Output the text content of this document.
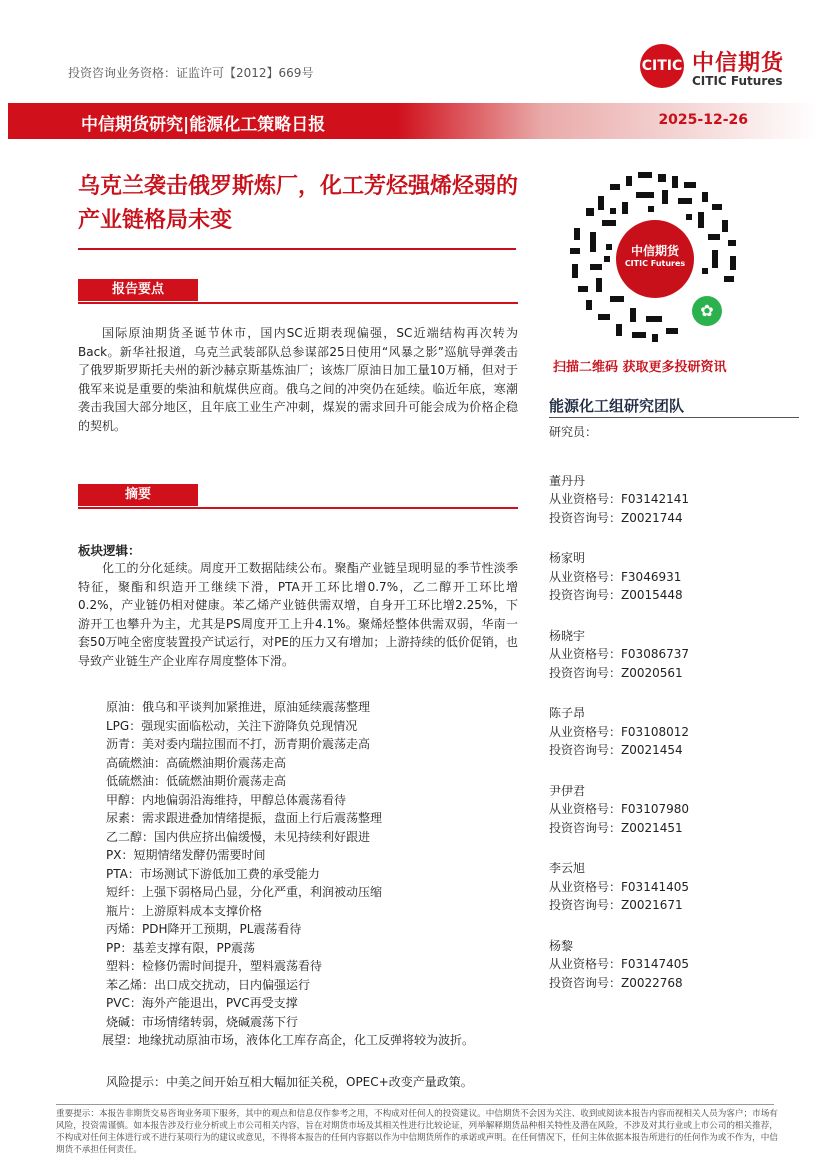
投资咨询业务资格：证监许可【2012】669号	CITIC 中信期货
CITIC Futures
中信期货研究|能源化工策略日报	2025-12-26
乌克兰袭击俄罗斯炼厂，化工芳烃强烯烃弱的产业链格局未变
报告要点
国际原油期货圣诞节休市，国内SC近期表现偏强，SC近端结构再次转为Back。新华社报道，乌克兰武装部队总参谋部25日使用“风暴之影”巡航导弹袭击了俄罗斯罗斯托夫州的新沙赫京斯基炼油厂；该炼厂原油日加工量10万桶，但对于俄军来说是重要的柴油和航煤供应商。俄乌之间的冲突仍在延续。临近年底，寒潮袭击我国大部分地区，且年底工业生产冲刺，煤炭的需求回升可能会成为价格企稳的契机。
摘要
板块逻辑：
化工的分化延续。周度开工数据陆续公布。聚酯产业链呈现明显的季节性淡季特征，聚酯和织造开工继续下滑，PTA开工环比增0.7%，乙二醇开工环比增0.2%，产业链仍相对健康。苯乙烯产业链供需双增，自身开工环比增2.25%，下游开工也攀升为主，尤其是PS周度开工上升4.1%。聚烯烃整体供需双弱，华南一套50万吨全密度装置投产试运行，对PE的压力又有增加；上游持续的低价促销，也导致产业链生产企业库存周度整体下滑。
原油：俄乌和平谈判加紧推进，原油延续震荡整理
LPG：强现实面临松动，关注下游降负兑现情况
沥青：美对委内瑞拉围而不打，沥青期价震荡走高
高硫燃油：高硫燃油期价震荡走高
低硫燃油：低硫燃油期价震荡走高
甲醇：内地偏弱沿海维持，甲醇总体震荡看待
尿素：需求跟进叠加情绪提振，盘面上行后震荡整理
乙二醇：国内供应挤出偏缓慢，未见持续利好跟进
PX：短期情绪发酵仍需要时间
PTA：市场测试下游低加工费的承受能力
短纤：上强下弱格局凸显，分化严重，利润被动压缩
瓶片：上游原料成本支撑价格
丙烯：PDH降开工预期，PL震荡看待
PP：基差支撑有限，PP震荡
塑料：检修仍需时间提升，塑料震荡看待
苯乙烯：出口成交扰动，日内偏强运行
PVC：海外产能退出，PVC再受支撑
烧碱：市场情绪转弱，烧碱震荡下行
展望：地缘扰动原油市场，液体化工库存高企，化工反弹将较为波折。
风险提示：中美之间开始互相大幅加征关税，OPEC+改变产量政策。
中信期货
CITIC Futures
✿
扫描二维码 获取更多投研资讯
能源化工组研究团队
研究员：
董丹丹
从业资格号：F03142141
投资咨询号：Z0021744
杨家明
从业资格号：F3046931
投资咨询号：Z0015448
杨晓宇
从业资格号：F03086737
投资咨询号：Z0020561
陈子昂
从业资格号：F03108012
投资咨询号：Z0021454
尹伊君
从业资格号：F03107980
投资咨询号：Z0021451
李云旭
从业资格号：F03141405
投资咨询号：Z0021671
杨黎
从业资格号：F03147405
投资咨询号：Z0022768
重要提示：本报告非期货交易咨询业务项下服务，其中的观点和信息仅作参考之用，不构成对任何人的投资建议。中信期货不会因为关注、收到或阅读本报告内容而视相关人员为客户；市场有风险，投资需谨慎。如本报告涉及行业分析或上市公司相关内容，旨在对期货市场及其相关性进行比较论证，列举解释期货品种相关特性及潜在风险，不涉及对其行业或上市公司的相关推荐，不构成对任何主体进行或不进行某项行为的建议或意见，不得将本报告的任何内容据以作为中信期货所作的承诺或声明。在任何情况下，任何主体依据本报告所进行的任何作为或不作为，中信期货不承担任何责任。
